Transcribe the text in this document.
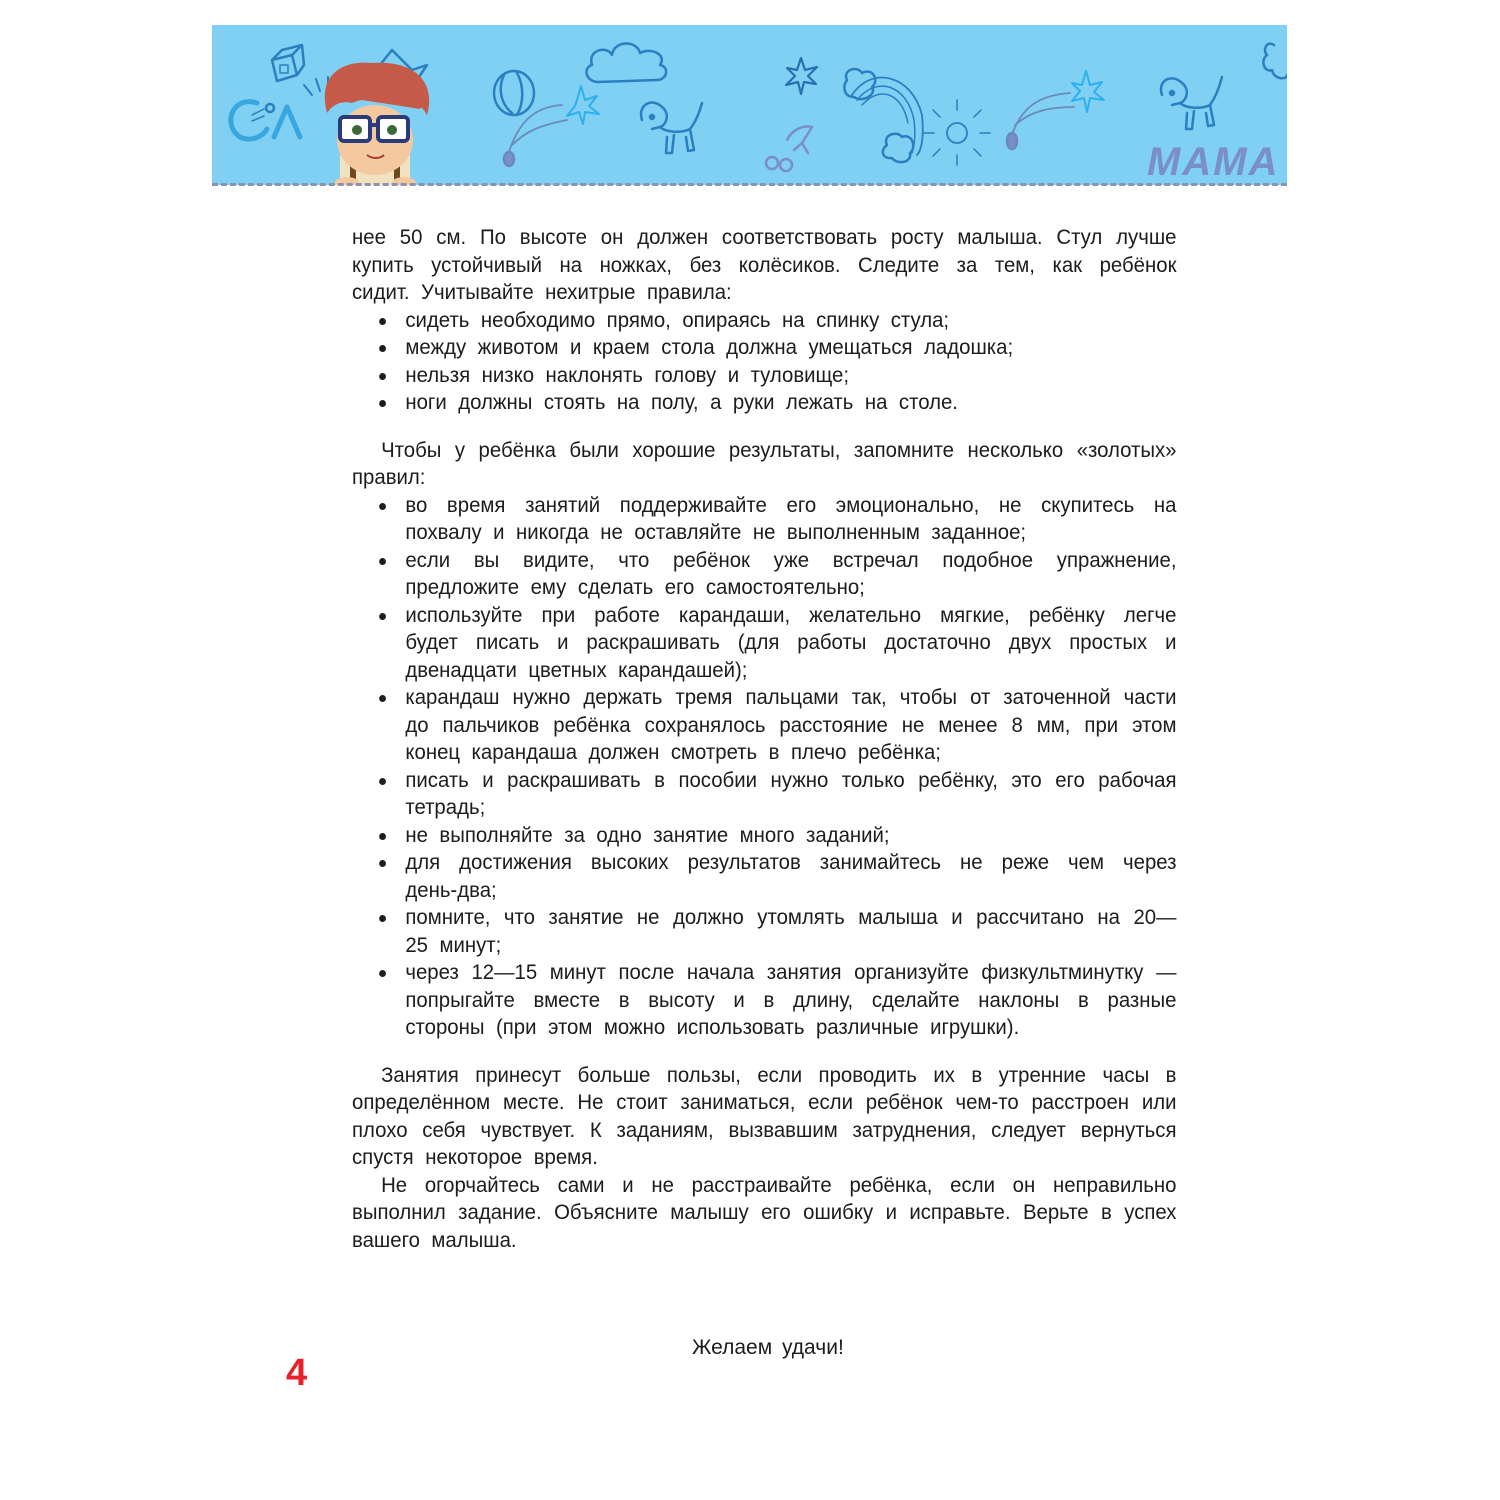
МАМА

нее 50 см. По высоте он должен соответствовать росту малыша. Стул лучше купить устойчивый на ножках, без колёсиков. Следите за тем, как ребёнок сидит. Учитывайте нехитрые правила:

сидеть необходимо прямо, опираясь на спинку стула;
между животом и краем стола должна умещаться ладошка;
нельзя низко наклонять голову и туловище;
ноги должны стоять на полу, а руки лежать на столе.

Чтобы у ребёнка были хорошие результаты, запомните несколько «золотых» правил:

во время занятий поддерживайте его эмоционально, не скупитесь на похвалу и никогда не оставляйте не выполненным заданное;
если вы видите, что ребёнок уже встречал подобное упражнение, предложите ему сделать его самостоятельно;
используйте при работе карандаши, желательно мягкие, ребёнку легче будет писать и раскрашивать (для работы достаточно двух простых и двенадцати цветных карандашей);
карандаш нужно держать тремя пальцами так, чтобы от заточенной части до пальчиков ребёнка сохранялось расстояние не менее 8 мм, при этом конец карандаша должен смотреть в плечо ребёнка;
писать и раскрашивать в пособии нужно только ребёнку, это его рабочая тетрадь;
не выполняйте за одно занятие много заданий;
для достижения высоких результатов занимайтесь не реже чем через день-два;
помните, что занятие не должно утомлять малыша и рассчитано на 20—25 минут;
через 12—15 минут после начала занятия организуйте физкультминутку — попрыгайте вместе в высоту и в длину, сделайте наклоны в разные стороны (при этом можно использовать различные игрушки).

Занятия принесут больше пользы, если проводить их в утренние часы в определённом месте. Не стоит заниматься, если ребёнок чем-то расстроен или плохо себя чувствует. К заданиям, вызвавшим затруднения, следует вернуться спустя некоторое время.

Не огорчайтесь сами и не расстраивайте ребёнка, если он неправильно выполнил задание. Объясните малышу его ошибку и исправьте. Верьте в успех вашего малыша.

Желаем удачи!
4
